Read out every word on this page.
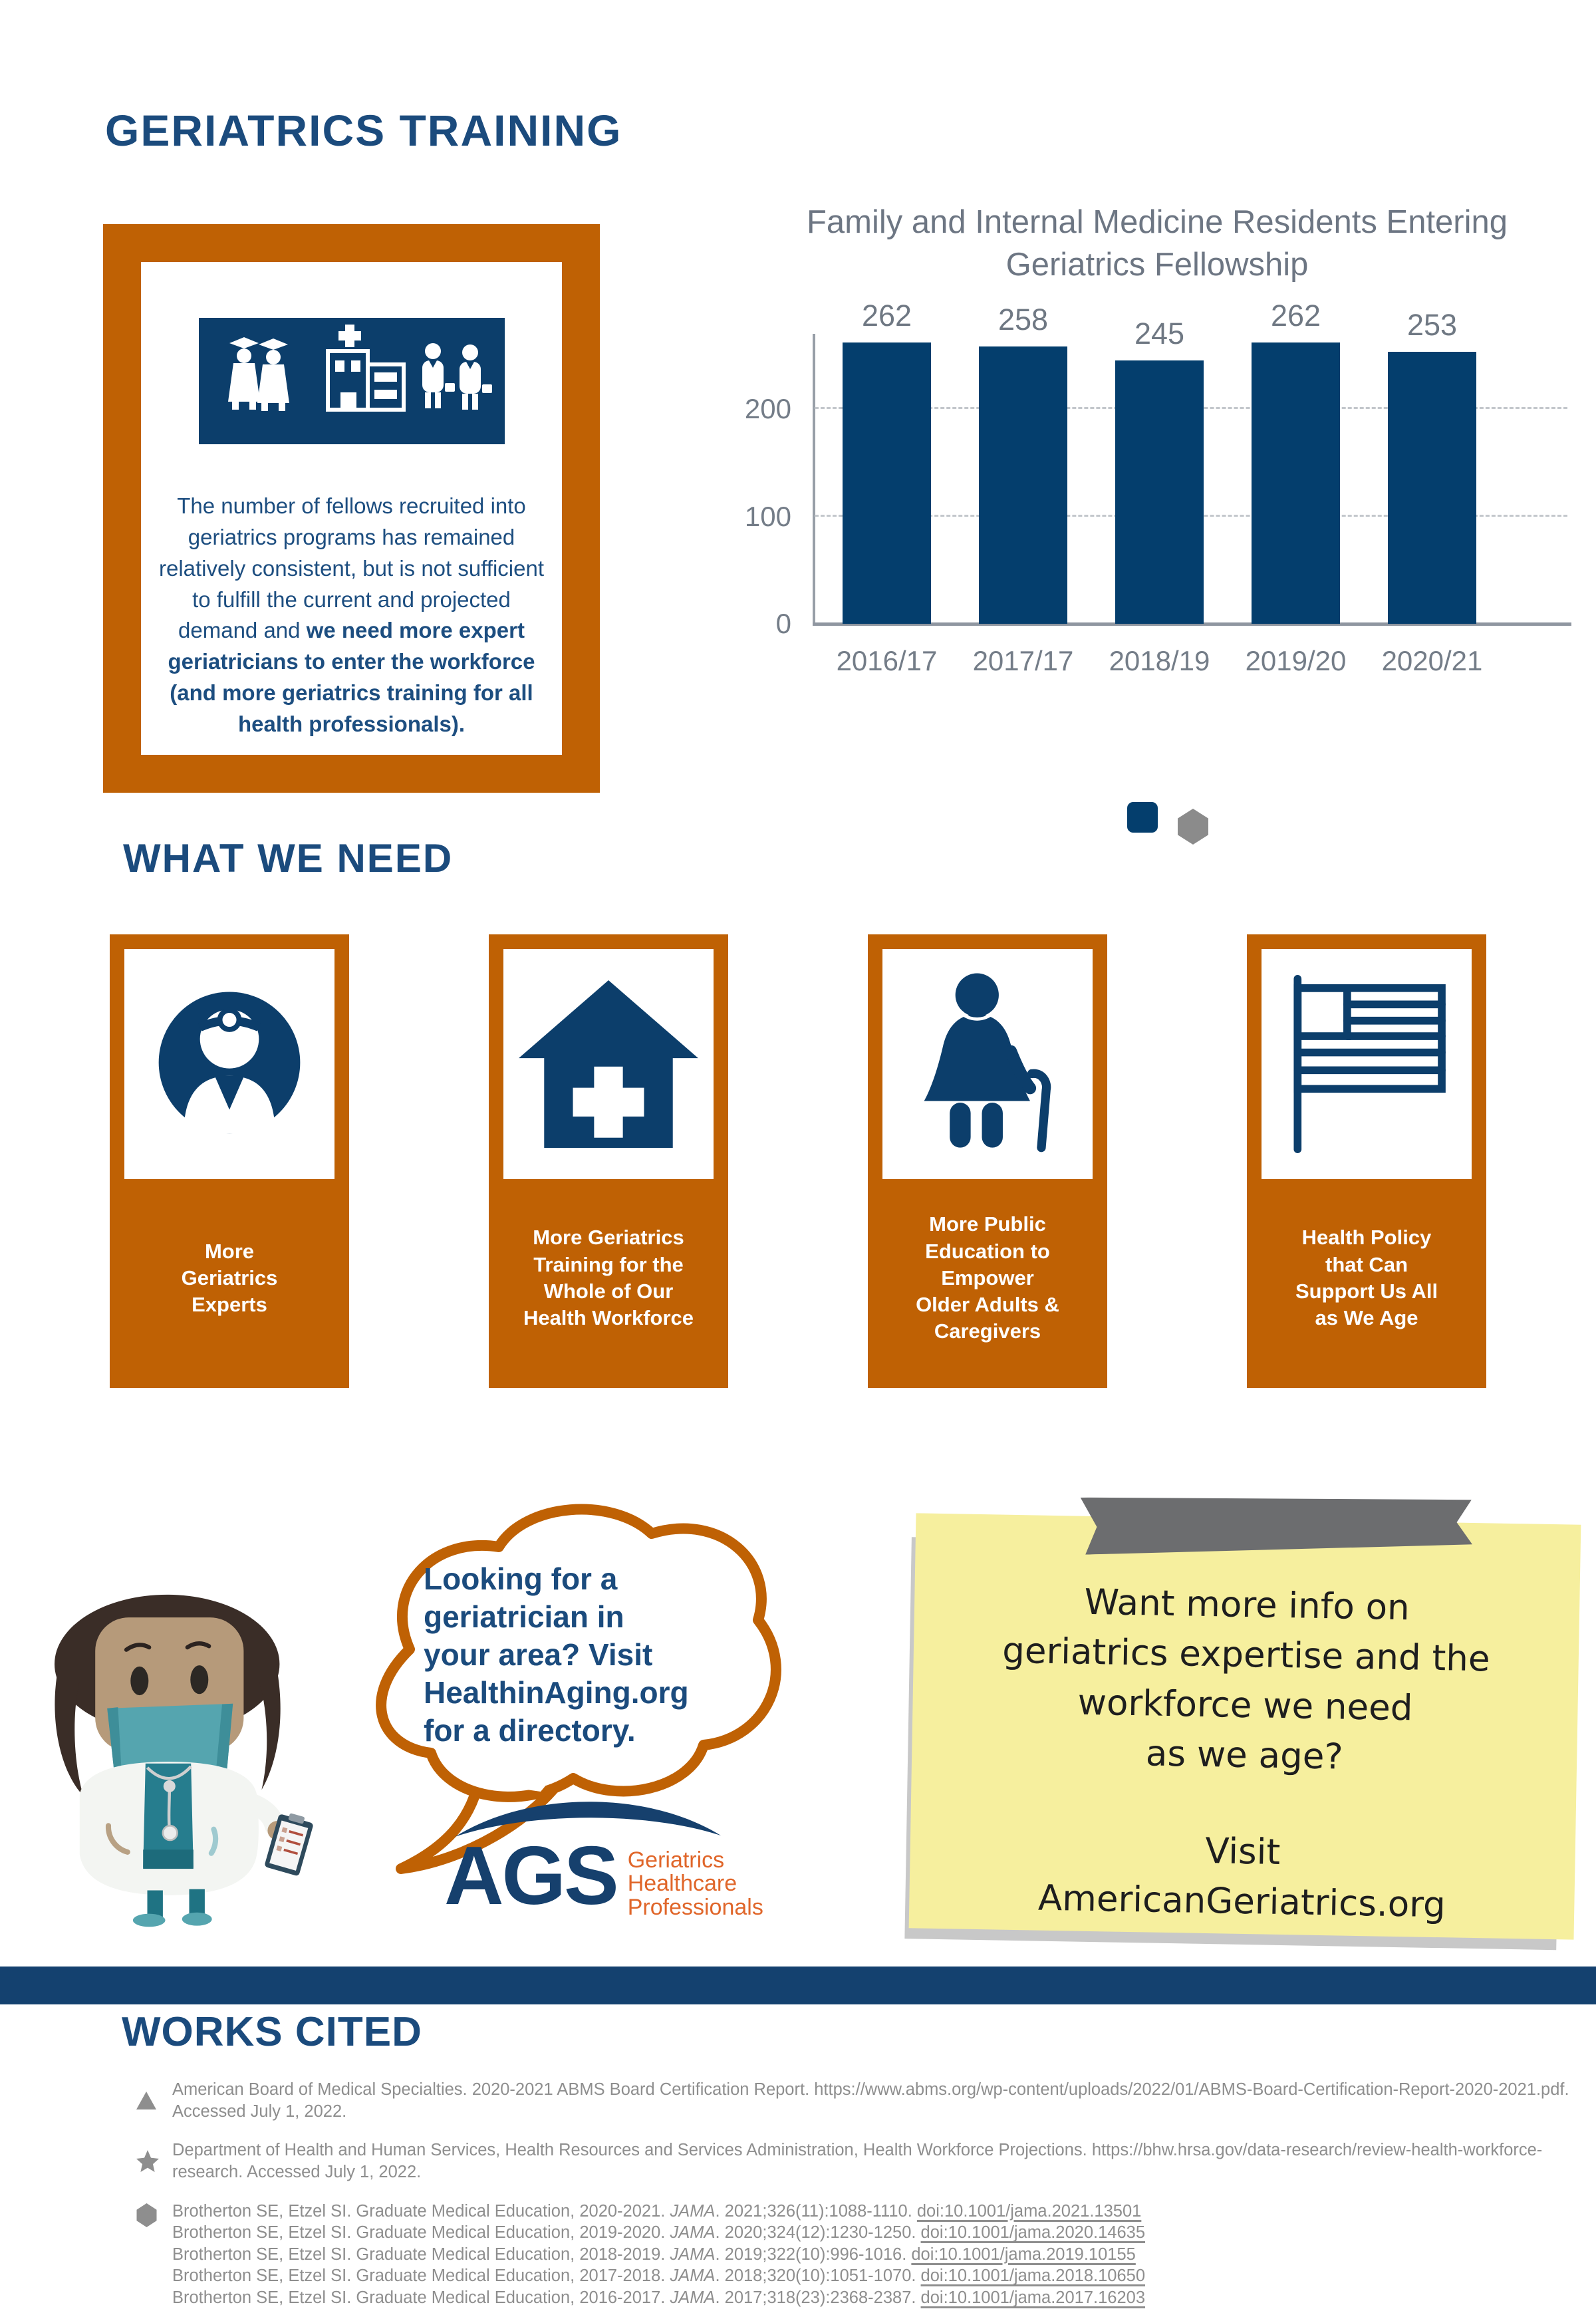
GERIATRICS TRAINING

The number of fellows recruited into geriatrics programs has remained relatively consistent, but is not sufficient to fulfill the current and projected demand and we need more expert geriatricians to enter the workforce (and more geriatrics training for all health professionals).

Family and Internal Medicine Residents Entering Geriatrics Fellowship
0
100
200
262
2016/17
258
2017/17
245
2018/19
262
2019/20
253
2020/21
WHAT WE NEED
More
Geriatrics
Experts
More Geriatrics
Training for the
Whole of Our
Health Workforce
More Public
Education to
Empower
Older Adults &
Caregivers
Health Policy
that Can
Support Us All
as We Age
Looking for a
geriatrician in
your area? Visit
HealthinAging.org
for a directory.
AGS Geriatrics
Healthcare
Professionals
Want more info on
geriatrics expertise and the
workforce we need
as we age?
Visit
AmericanGeriatrics.org
WORKS CITED
American Board of Medical Specialties. 2020-2021 ABMS Board Certification Report. https://www.abms.org/wp-content/uploads/2022/01/ABMS-Board-Certification-Report-2020-2021.pdf. Accessed July 1, 2022.
Department of Health and Human Services, Health Resources and Services Administration, Health Workforce Projections. https://bhw.hrsa.gov/data-research/review-health-workforce-research. Accessed July 1, 2022.
Brotherton SE, Etzel SI. Graduate Medical Education, 2020-2021. JAMA. 2021;326(11):1088-1110. doi:10.1001/jama.2021.13501
Brotherton SE, Etzel SI. Graduate Medical Education, 2019-2020. JAMA. 2020;324(12):1230-1250. doi:10.1001/jama.2020.14635
Brotherton SE, Etzel SI. Graduate Medical Education, 2018-2019. JAMA. 2019;322(10):996-1016. doi:10.1001/jama.2019.10155
Brotherton SE, Etzel SI. Graduate Medical Education, 2017-2018. JAMA. 2018;320(10):1051-1070. doi:10.1001/jama.2018.10650
Brotherton SE, Etzel SI. Graduate Medical Education, 2016-2017. JAMA. 2017;318(23):2368-2387. doi:10.1001/jama.2017.16203
